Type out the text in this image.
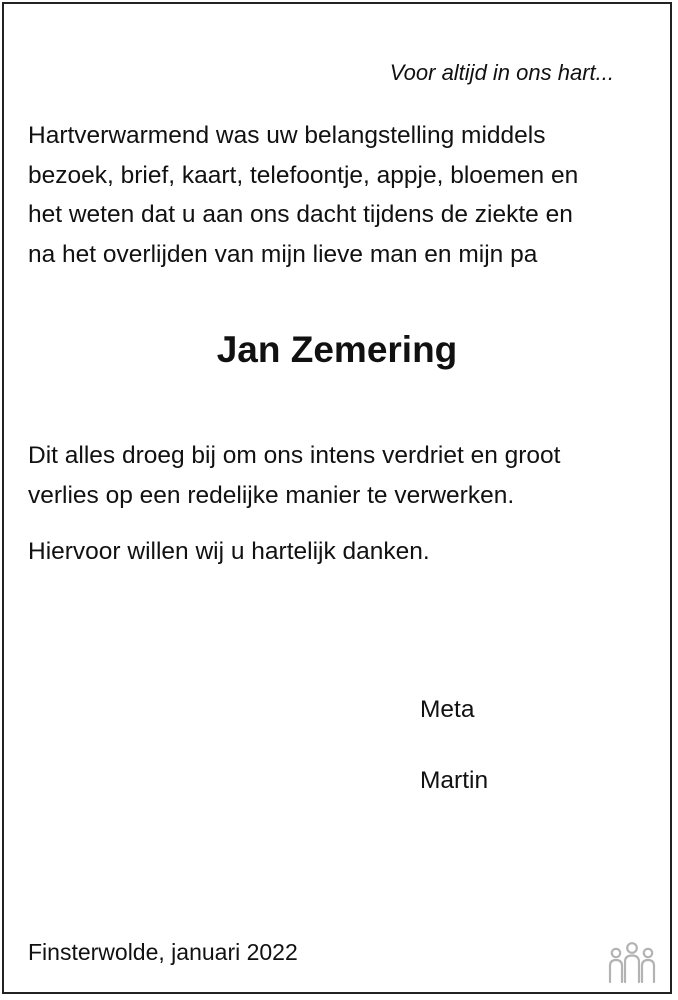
Voor altijd in ons hart...
Hartverwarmend was uw belangstelling middels
bezoek, brief, kaart, telefoontje, appje, bloemen en
het weten dat u aan ons dacht tijdens de ziekte en
na het overlijden van mijn lieve man en mijn pa
Jan Zemering
Dit alles droeg bij om ons intens verdriet en groot
verlies op een redelijke manier te verwerken.
Hiervoor willen wij u hartelijk danken.
Meta
Martin
Finsterwolde, januari 2022
